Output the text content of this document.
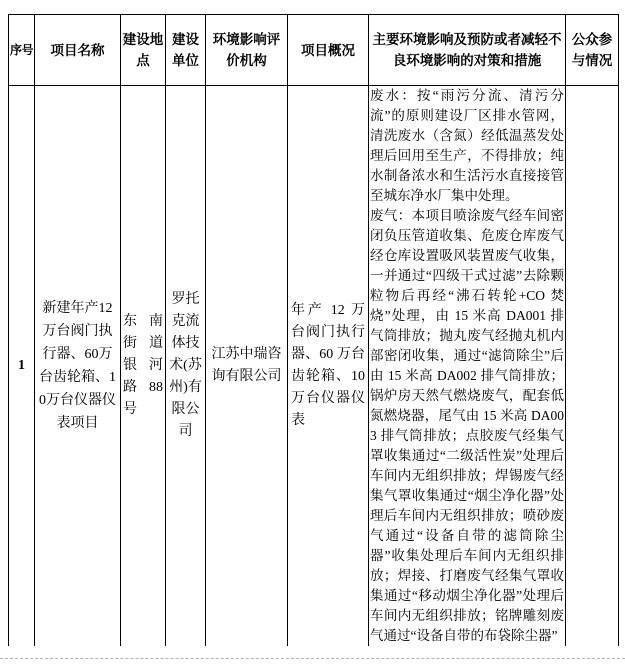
序号	项目名称	建设地点	建设单位	环境影响评价机构	项目概况	主要环境影响及预防或者减轻不良环境影响的对策和措施	公众参与情况
1	新建年产12万台阀门执行器、60万台齿轮箱、10万台仪器仪表项目	东南街道银河路88号	罗托克流体技术(苏州)有限公司	江苏中瑞咨询有限公司	年产 12 万台阀门执行器、60 万台齿轮箱、10 万台仪器仪表	废水：按“雨污分流、清污分流”的原则建设厂区排水管网，清洗废水（含氮）经低温蒸发处理后回用至生产，不得排放；纯水制备浓水和生活污水直接接管至城东净水厂集中处理。

废气：本项目喷涂废气经车间密闭负压管道收集、危废仓库废气经仓库设置吸风装置废气收集，一并通过“四级干式过滤”去除颗粒物后再经“沸石转轮+CO 焚烧”处理，由 15 米高 DA001 排气筒排放；抛丸废气经抛丸机内部密闭收集，通过“滤筒除尘”后由 15 米高 DA002 排气筒排放；锅炉房天然气燃烧废气，配套低氮燃烧器，尾气由 15 米高 DA003 排气筒排放；点胶废气经集气罩收集通过“二级活性炭”处理后车间内无组织排放；焊锡废气经集气罩收集通过“烟尘净化器”处理后车间内无组织排放；喷砂废气通过“设备自带的滤筒除尘器”收集处理后车间内无组织排放；焊接、打磨废气经集气罩收集通过“移动烟尘净化器”处理后车间内无组织排放；铭牌雕刻废气通过“设备自带的布袋除尘器”	
